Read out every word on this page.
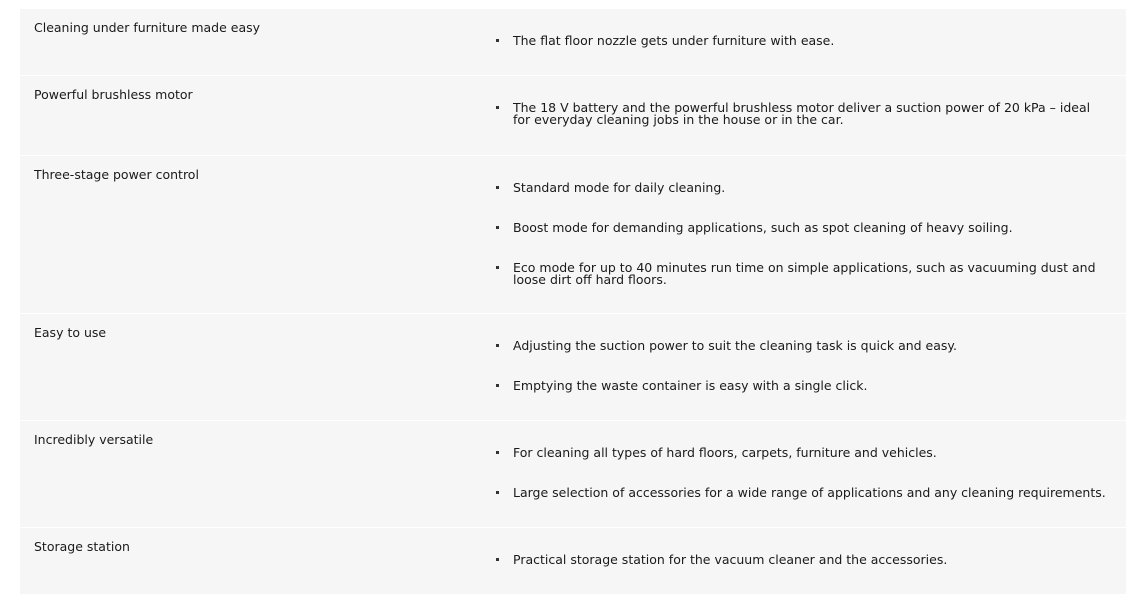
Cleaning under furniture made easy
The flat floor nozzle gets under furniture with ease.
Powerful brushless motor
The 18 V battery and the powerful brushless motor deliver a suction power of 20 kPa – ideal for everyday cleaning jobs in the house or in the car.
Three-stage power control
Standard mode for daily cleaning.
Boost mode for demanding applications, such as spot cleaning of heavy soiling.
Eco mode for up to 40 minutes run time on simple applications, such as vacuuming dust and loose dirt off hard floors.
Easy to use
Adjusting the suction power to suit the cleaning task is quick and easy.
Emptying the waste container is easy with a single click.
Incredibly versatile
For cleaning all types of hard floors, carpets, furniture and vehicles.
Large selection of accessories for a wide range of applications and any cleaning requirements.
Storage station
Practical storage station for the vacuum cleaner and the accessories.
